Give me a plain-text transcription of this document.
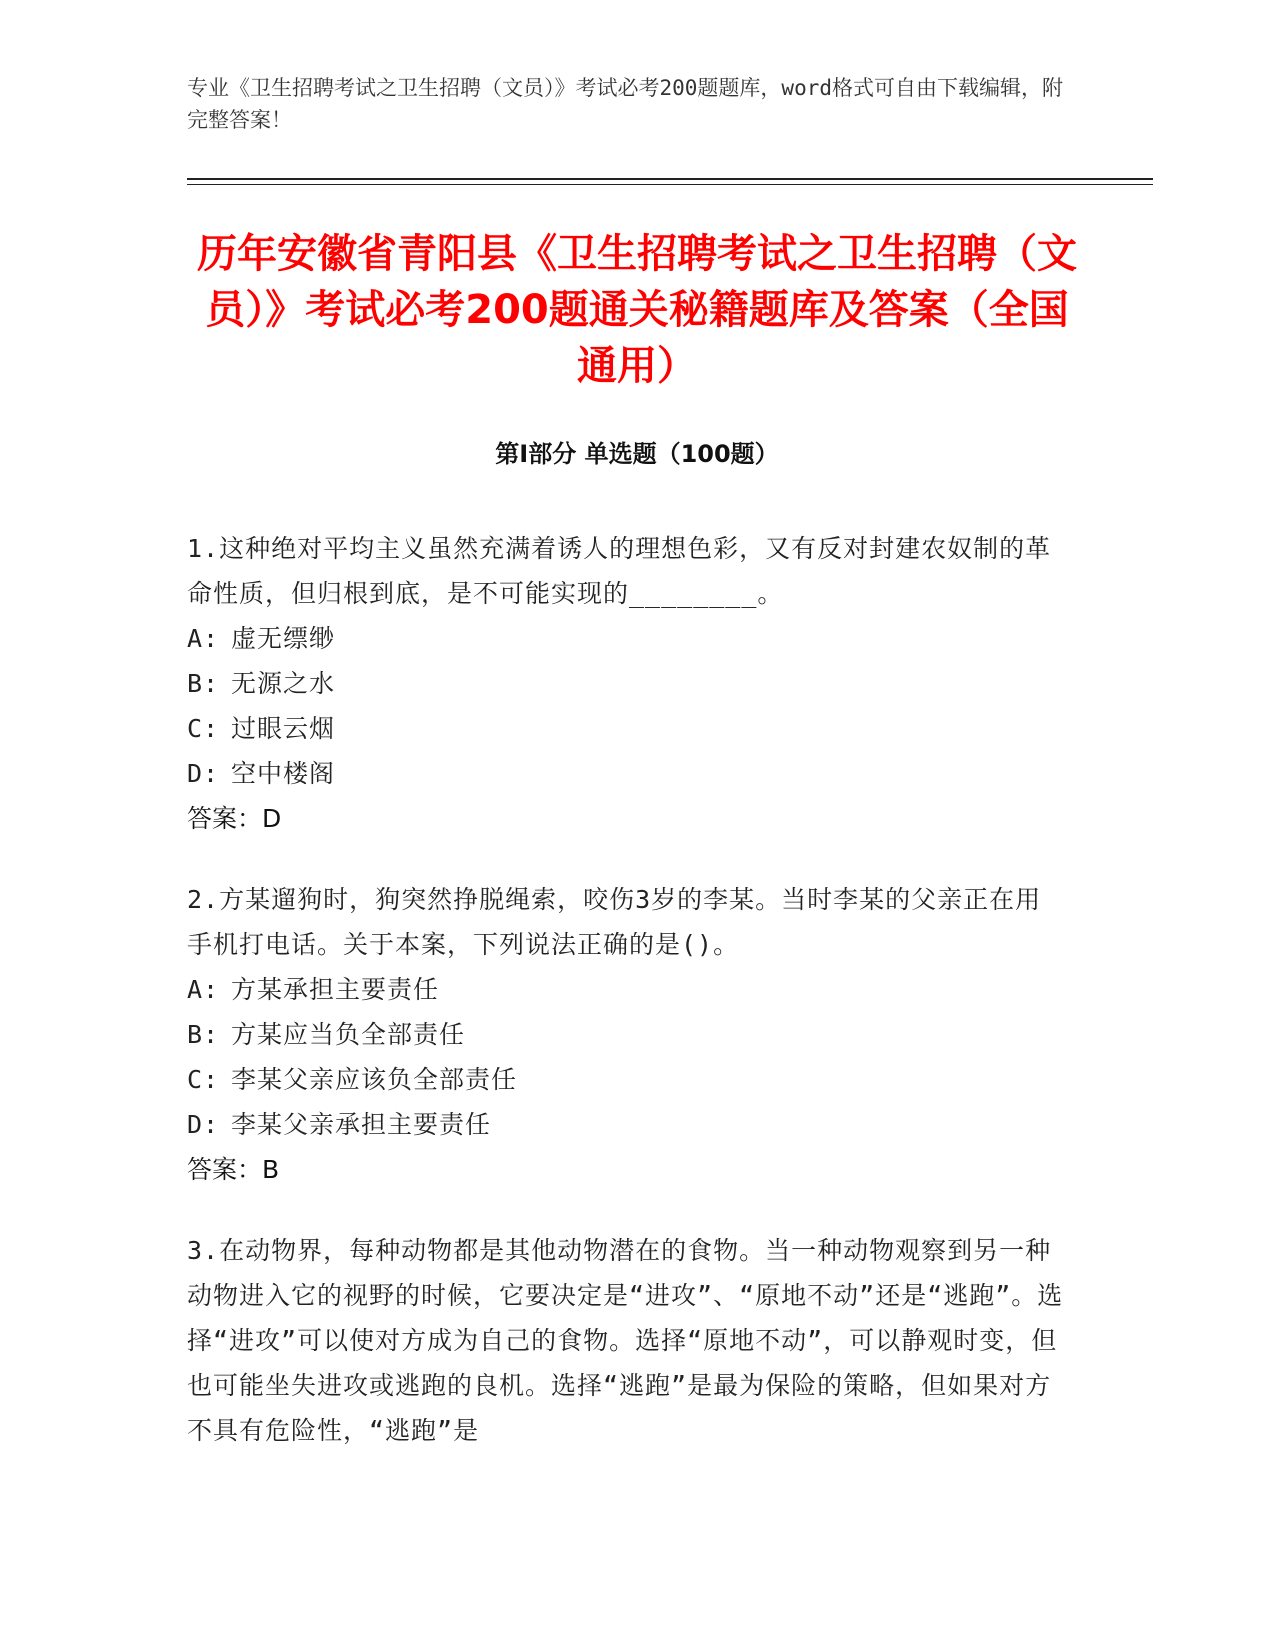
专业《卫生招聘考试之卫生招聘（文员）》考试必考200题题库，word格式可自由下载编辑，附完整答案！
历年安徽省青阳县《卫生招聘考试之卫生招聘（文员）》考试必考200题通关秘籍题库及答案（全国通用）
第I部分 单选题（100题）
1.这种绝对平均主义虽然充满着诱人的理想色彩，又有反对封建农奴制的革命性质，但归根到底，是不可能实现的________。
A: 虚无缥缈
B: 无源之水
C: 过眼云烟
D: 空中楼阁
答案：D
2.方某遛狗时，狗突然挣脱绳索，咬伤3岁的李某。当时李某的父亲正在用手机打电话。关于本案，下列说法正确的是()。
A: 方某承担主要责任
B: 方某应当负全部责任
C: 李某父亲应该负全部责任
D: 李某父亲承担主要责任
答案：B
3.在动物界，每种动物都是其他动物潜在的食物。当一种动物观察到另一种动物进入它的视野的时候，它要决定是“进攻”、“原地不动”还是“逃跑”。选择“进攻”可以使对方成为自己的食物。选择“原地不动”，可以静观时变，但也可能坐失进攻或逃跑的良机。选择“逃跑”是最为保险的策略，但如果对方不具有危险性，“逃跑”是
